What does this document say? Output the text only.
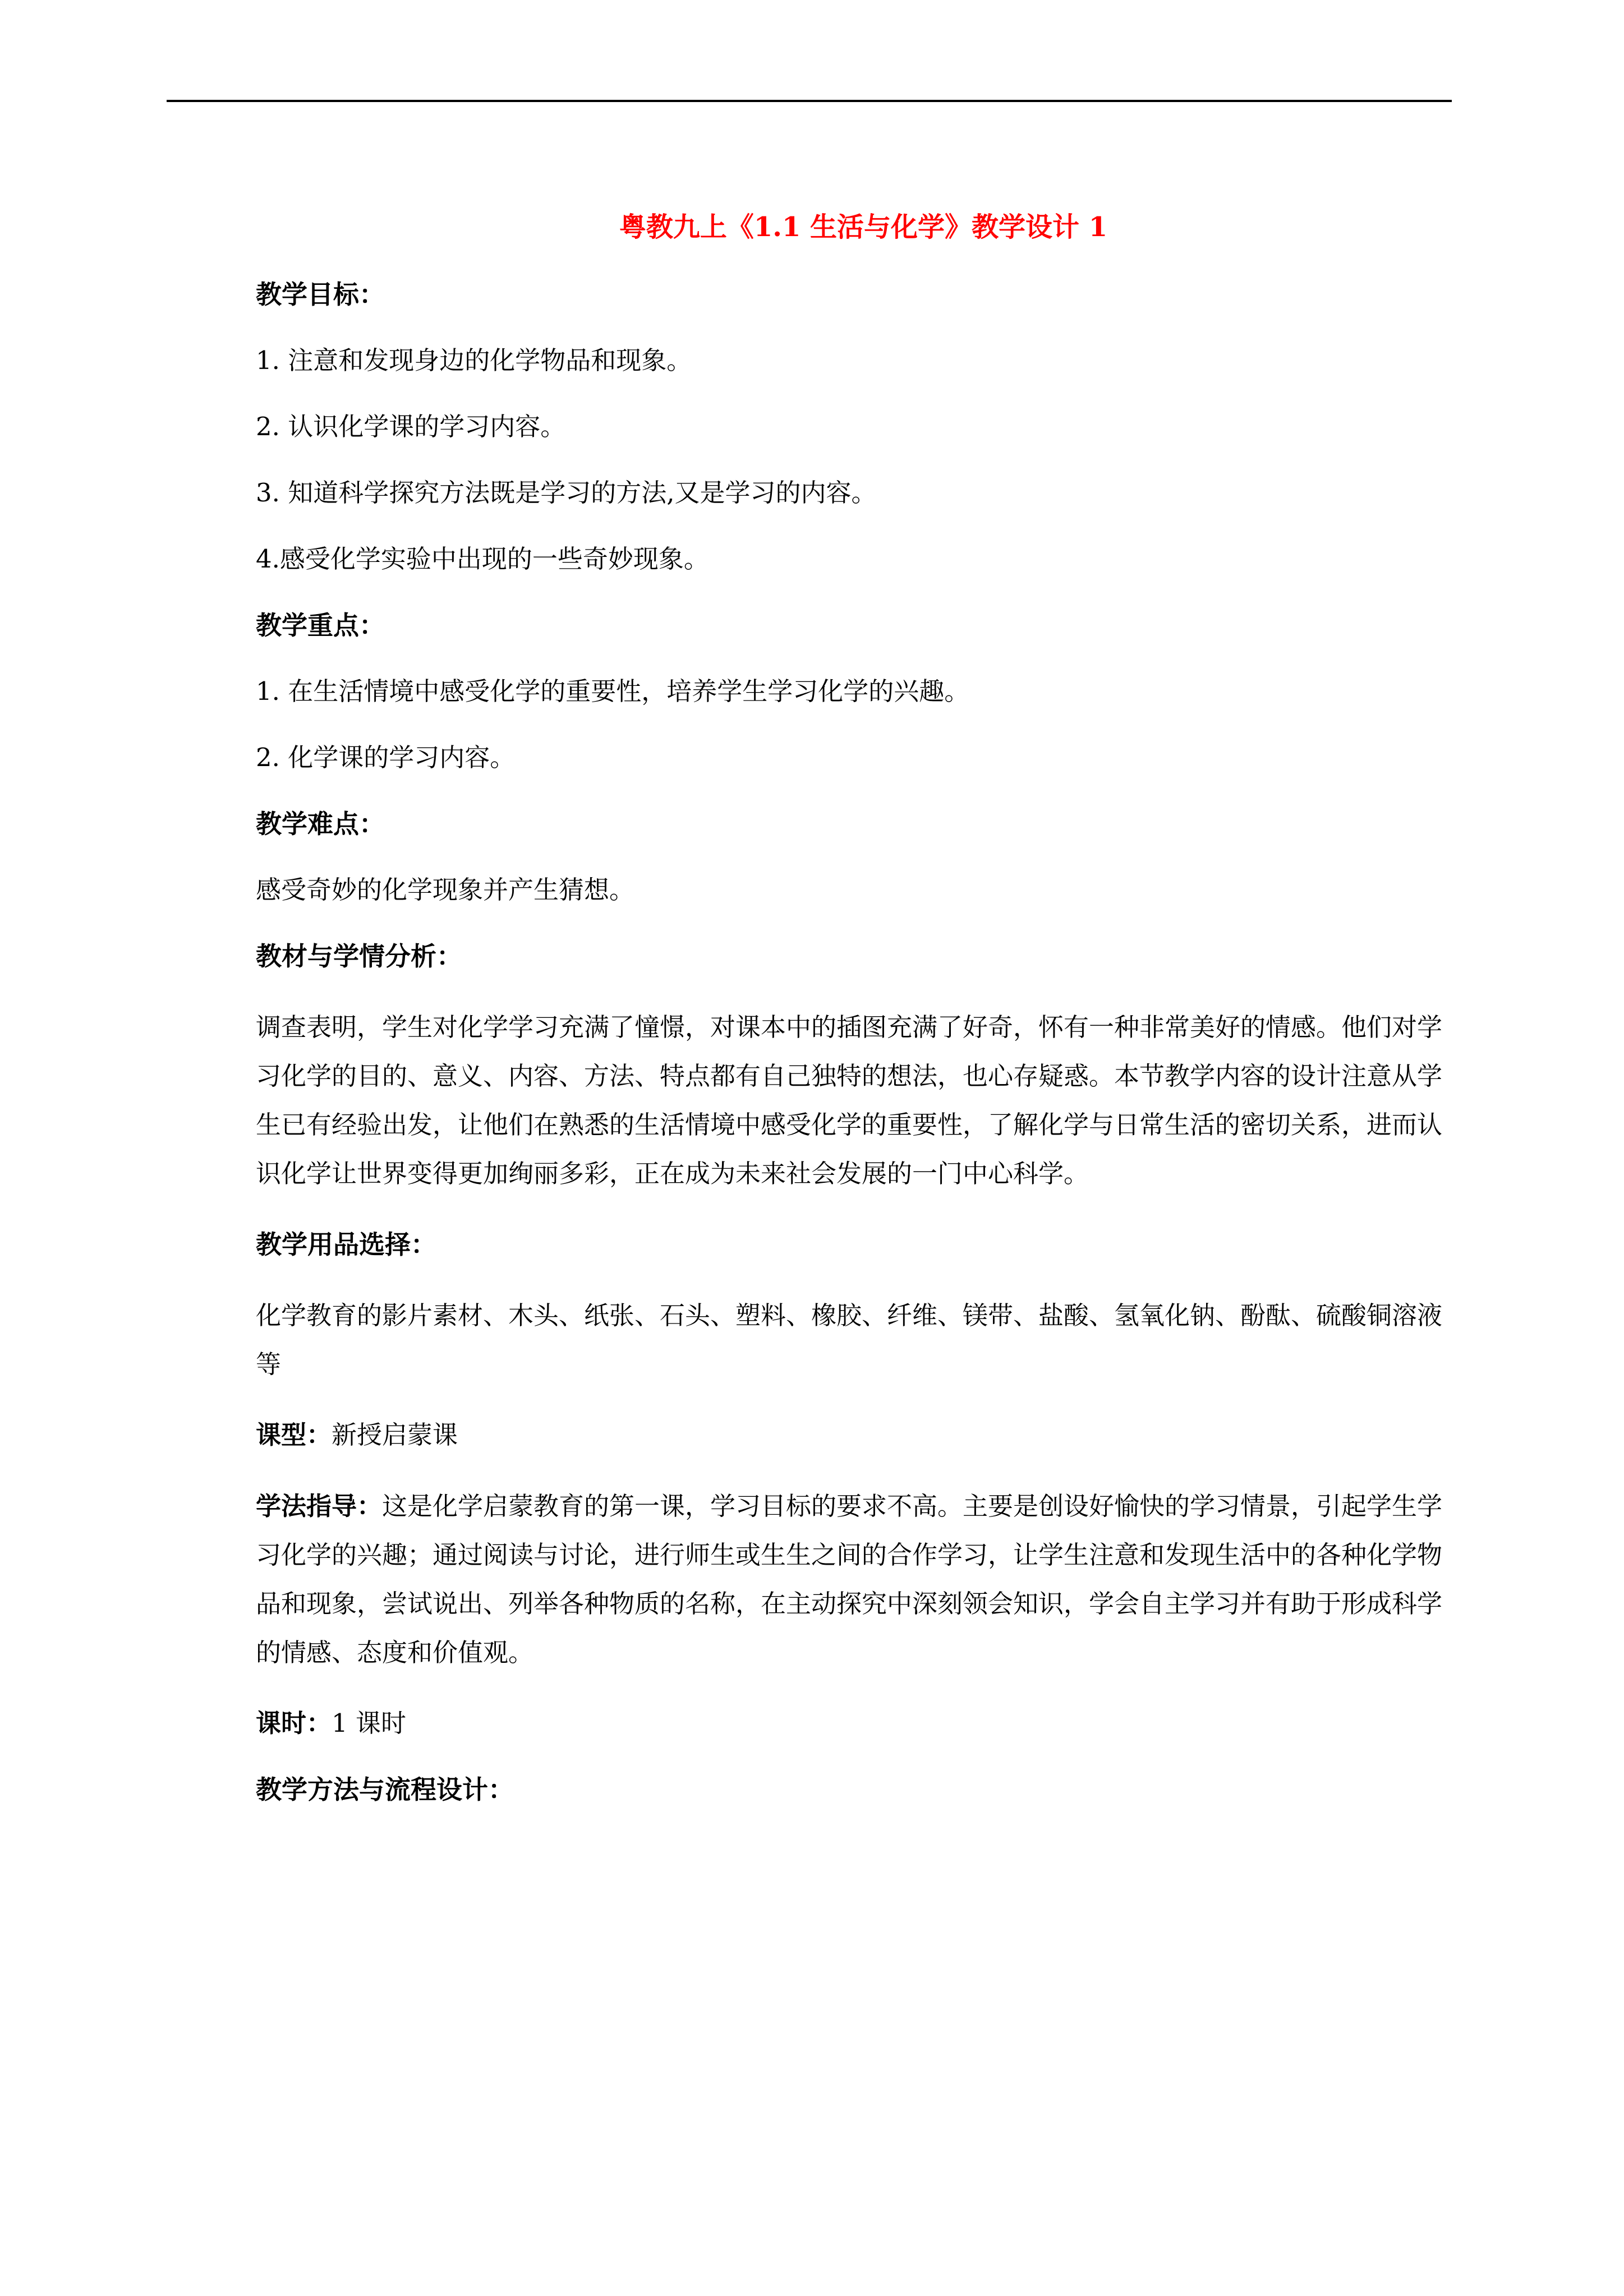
粤教九上《1.1 生活与化学》教学设计 1
教学目标：
1. 注意和发现身边的化学物品和现象。
2. 认识化学课的学习内容。
3. 知道科学探究方法既是学习的方法,又是学习的内容。
4.感受化学实验中出现的一些奇妙现象。
教学重点：
1. 在生活情境中感受化学的重要性，培养学生学习化学的兴趣。
2. 化学课的学习内容。
教学难点：
感受奇妙的化学现象并产生猜想。
教材与学情分析：
调查表明，学生对化学学习充满了憧憬，对课本中的插图充满了好奇，怀有一种非常美好的情感。他们对学习化学的目的、意义、内容、方法、特点都有自己独特的想法，也心存疑惑。本节教学内容的设计注意从学生已有经验出发，让他们在熟悉的生活情境中感受化学的重要性，了解化学与日常生活的密切关系，进而认识化学让世界变得更加绚丽多彩，正在成为未来社会发展的一门中心科学。
教学用品选择：
化学教育的影片素材、木头、纸张、石头、塑料、橡胶、纤维、镁带、盐酸、氢氧化钠、酚酞、硫酸铜溶液等
课型：新授启蒙课
学法指导：这是化学启蒙教育的第一课，学习目标的要求不高。主要是创设好愉快的学习情景，引起学生学习化学的兴趣；通过阅读与讨论，进行师生或生生之间的合作学习，让学生注意和发现生活中的各种化学物品和现象，尝试说出、列举各种物质的名称，在主动探究中深刻领会知识，学会自主学习并有助于形成科学的情感、态度和价值观。
课时：1 课时
教学方法与流程设计：
